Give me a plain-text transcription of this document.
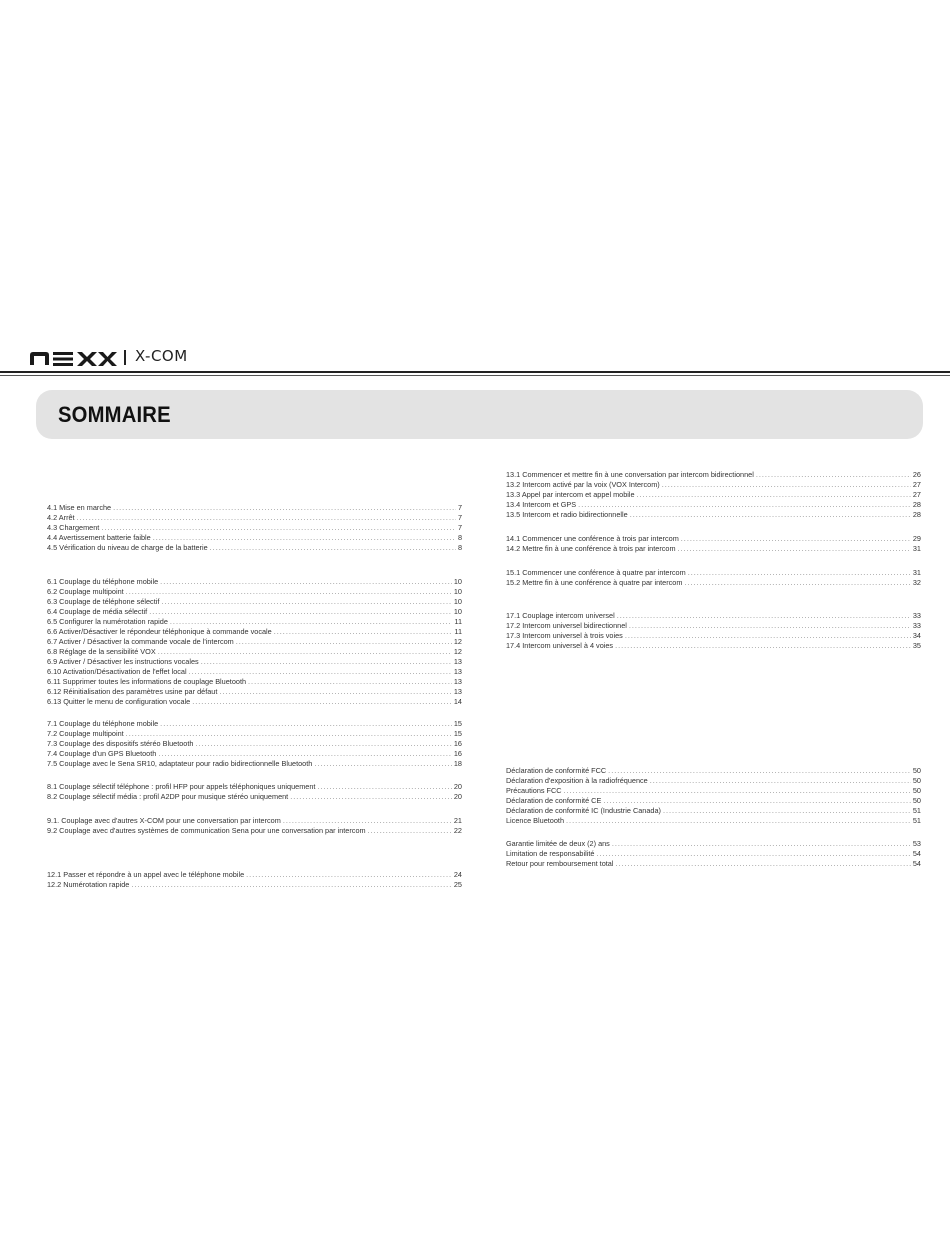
X-COM
SOMMAIRE
4.1 Mise en marche .....	7
4.2 Arrêt .....	7
4.3 Chargement .....	7
4.4 Avertissement batterie faible .....	8
4.5 Vérification du niveau de charge de la batterie .....	8
6.1 Couplage du téléphone mobile .....	10
6.2 Couplage multipoint .....	10
6.3 Couplage de téléphone sélectif .....	10
6.4 Couplage de média sélectif .....	10
6.5 Configurer la numérotation rapide .....	11
6.6 Activer/Désactiver le répondeur téléphonique à commande vocale .....	11
6.7 Activer / Désactiver la commande vocale de l'intercom .....	12
6.8 Réglage de la sensibilité VOX .....	12
6.9 Activer / Désactiver les instructions vocales .....	13
6.10 Activation/Désactivation de l'effet local .....	13
6.11 Supprimer toutes les informations de couplage Bluetooth .....	13
6.12 Réinitialisation des paramètres usine par défaut .....	13
6.13 Quitter le menu de configuration vocale .....	14
7.1 Couplage du téléphone mobile .....	15
7.2 Couplage multipoint .....	15
7.3 Couplage des dispositifs stéréo Bluetooth .....	16
7.4 Couplage d'un GPS Bluetooth .....	16
7.5 Couplage avec le Sena SR10, adaptateur pour radio bidirectionnelle Bluetooth .....	18
8.1 Couplage sélectif téléphone : profil HFP pour appels téléphoniques uniquement .....	20
8.2 Couplage sélectif média : profil A2DP pour musique stéréo uniquement .....	20
9.1. Couplage avec d'autres X-COM pour une conversation par intercom .....	21
9.2 Couplage avec d'autres systèmes de communication Sena pour une conversation par intercom .....	22
12.1 Passer et répondre à un appel avec le téléphone mobile .....	24
12.2 Numérotation rapide .....	25
13.1 Commencer et mettre fin à une conversation par intercom bidirectionnel .....	26
13.2 Intercom activé par la voix (VOX Intercom) .....	27
13.3 Appel par intercom et appel mobile .....	27
13.4 Intercom et GPS .....	28
13.5 Intercom et radio bidirectionnelle .....	28
14.1 Commencer une conférence à trois par intercom .....	29
14.2 Mettre fin à une conférence à trois par intercom .....	31
15.1 Commencer une conférence à quatre par intercom .....	31
15.2 Mettre fin à une conférence à quatre par intercom .....	32
17.1 Couplage intercom universel .....	33
17.2 Intercom universel bidirectionnel .....	33
17.3 Intercom universel à trois voies .....	34
17.4 Intercom universel à 4 voies .....	35
Déclaration de conformité FCC .....	50
Déclaration d'exposition à la radiofréquence .....	50
Précautions FCC .....	50
Déclaration de conformité CE .....	50
Déclaration de conformité IC (Industrie Canada) .....	51
Licence Bluetooth .....	51
Garantie limitée de deux (2) ans .....	53
Limitation de responsabilité .....	54
Retour pour remboursement total .....	54
